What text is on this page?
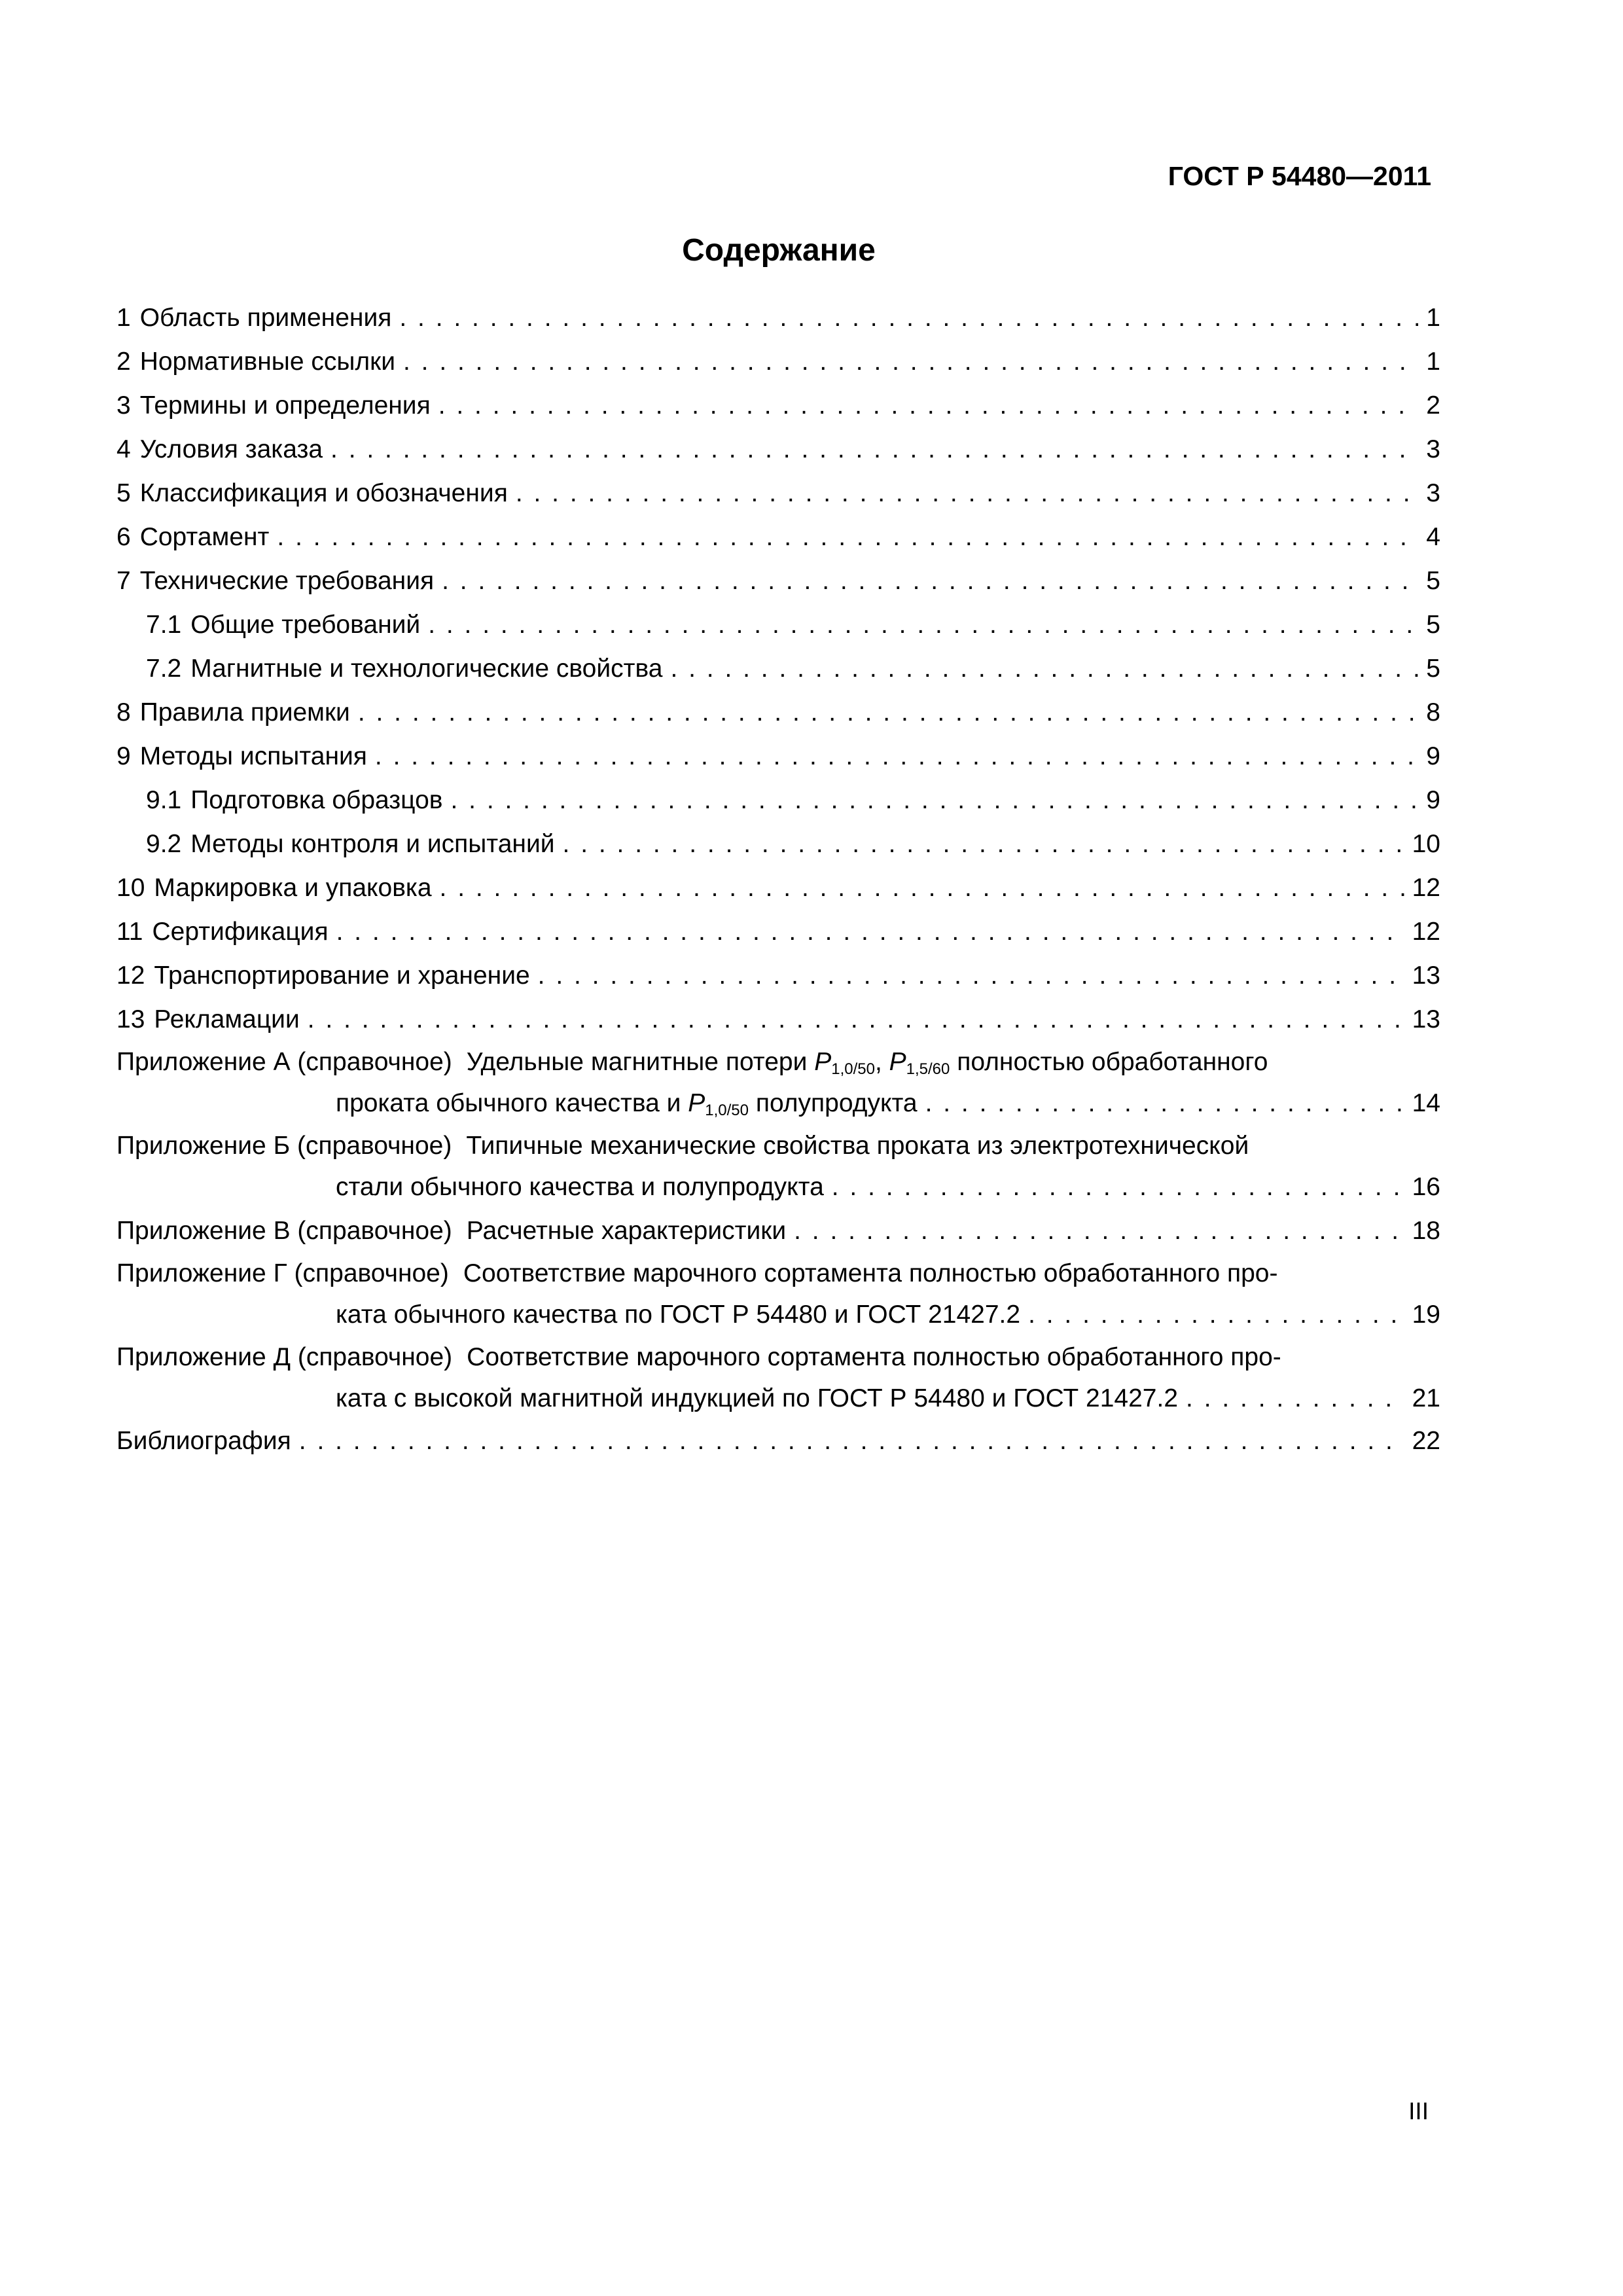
ГОСТ Р 54480—2011
Содержание
1 Область применения . . .	1
2 Нормативные ссылки . . .	1
3 Термины и определения . . .	2
4 Условия заказа . . .	3
5 Классификация и обозначения . . .	3
6 Сортамент . . .	4
7 Технические требования . . .	5
7.1 Общие требований . . .	5
7.2 Магнитные и технологические свойства . . .	5
8 Правила приемки . . .	8
9 Методы испытания . . .	9
9.1 Подготовка образцов . . .	9
9.2 Методы контроля и испытаний . . .	10
10 Маркировка и упаковка . . .	12
11 Сертификация . . .	12
12 Транспортирование и хранение . . .	13
13 Рекламации . . .	13
Приложение А (справочное) Удельные магнитные потери $P_{1,0/50}$, $P_{1,5/60}$ полностью обработанного
проката обычного качества и $P_{1,0/50}$ полупродукта . . .	14
Приложение Б (справочное) Типичные механические свойства проката из электротехнической
стали обычного качества и полупродукта . . .	16
Приложение В (справочное) Расчетные характеристики . . .	18
Приложение Г (справочное) Соответствие марочного сортамента полностью обработанного про-
ката обычного качества по ГОСТ Р 54480 и ГОСТ 21427.2 . . .	19
Приложение Д (справочное) Соответствие марочного сортамента полностью обработанного про-
ката с высокой магнитной индукцией по ГОСТ Р 54480 и ГОСТ 21427.2 . . .	21
Библиография . . .	22
III
